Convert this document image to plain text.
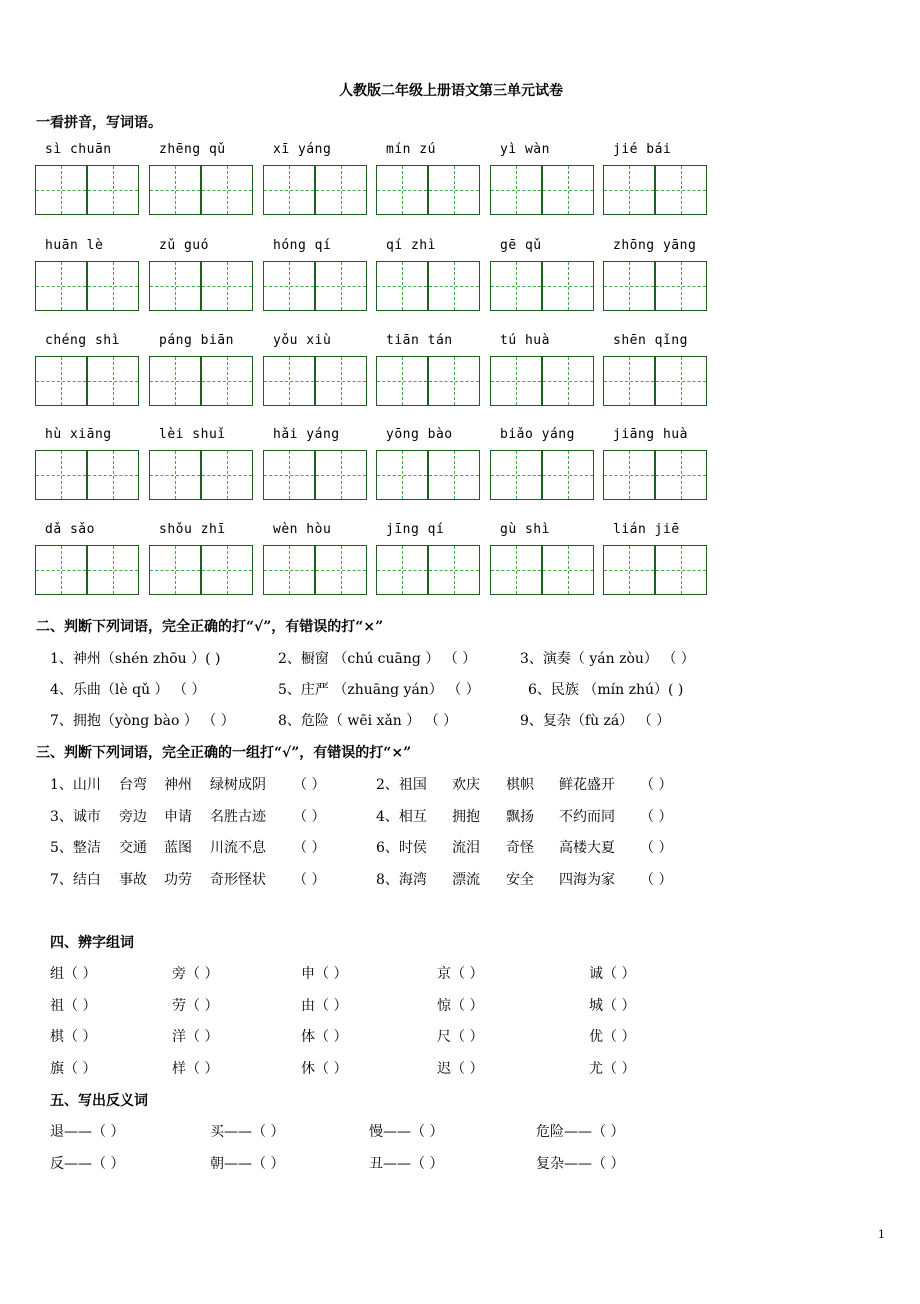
人教版二年级上册语文第三单元试卷
一看拼音，写词语。
sì chuān	zhēng qǔ	xī yáng	mín zú	yì wàn	jié bái
huān lè	zǔ guó	hóng qí	qí zhì	gē qǔ	zhōng yāng
chéng shì	páng biān	yǒu xiù	tiān tán	tú huà	shēn qǐng
hù xiāng	lèi shuǐ	hǎi yáng	yōng bào	biǎo yáng	jiāng huà
dǎ sǎo	shǒu zhī	wèn hòu	jīng qí	gù shì	lián jiē
二、判断下列词语，完全正确的打“√”，有错误的打“×”
1、神州（shén zhōu ）( )	2、橱窗 （chú cuāng ） （ ）	3、演奏（ yán zòu） （ ）
4、乐曲（lè qǔ ） （ ）	5、庄严 （zhuāng yán） （ ）	6、民族 （mín zhú）( )
7、拥抱（yòng bào ） （ ）	8、危险（ wēi xǎn ） （ ）	9、复杂（fù zá） （ ）
三、判断下列词语，完全正确的一组打“√”，有错误的打“×”
1、山川 台弯 神州 绿树成阴 （ ）	2、祖国 欢庆 棋帜 鲜花盛开 （ ）
3、诚市 旁边 申请 名胜古迹 （ ）	4、相互 拥抱 飘扬 不约而同 （ ）
5、整洁 交通 蓝图 川流不息 （ ）	6、时侯 流泪 奇怪 高楼大夏 （ ）
7、结白 事故 功劳 奇形怪状 （ ）	8、海湾 漂流 安全 四海为家 （ ）
四、辨字组词
组（ ）	旁（ ）	申（ ）	京（ ）	诚（ ）
祖（ ）	劳（ ）	由（ ）	惊（ ）	城（ ）
棋（ ）	洋（ ）	体（ ）	尺（ ）	优（ ）
旗（ ）	样（ ）	休（ ）	迟（ ）	尤（ ）
五、写出反义词
退——（ ）	买——（ ）	慢——（ ）	危险——（ ）
反——（ ）	朝——（ ）	丑——（ ）	复杂——（ ）
1
